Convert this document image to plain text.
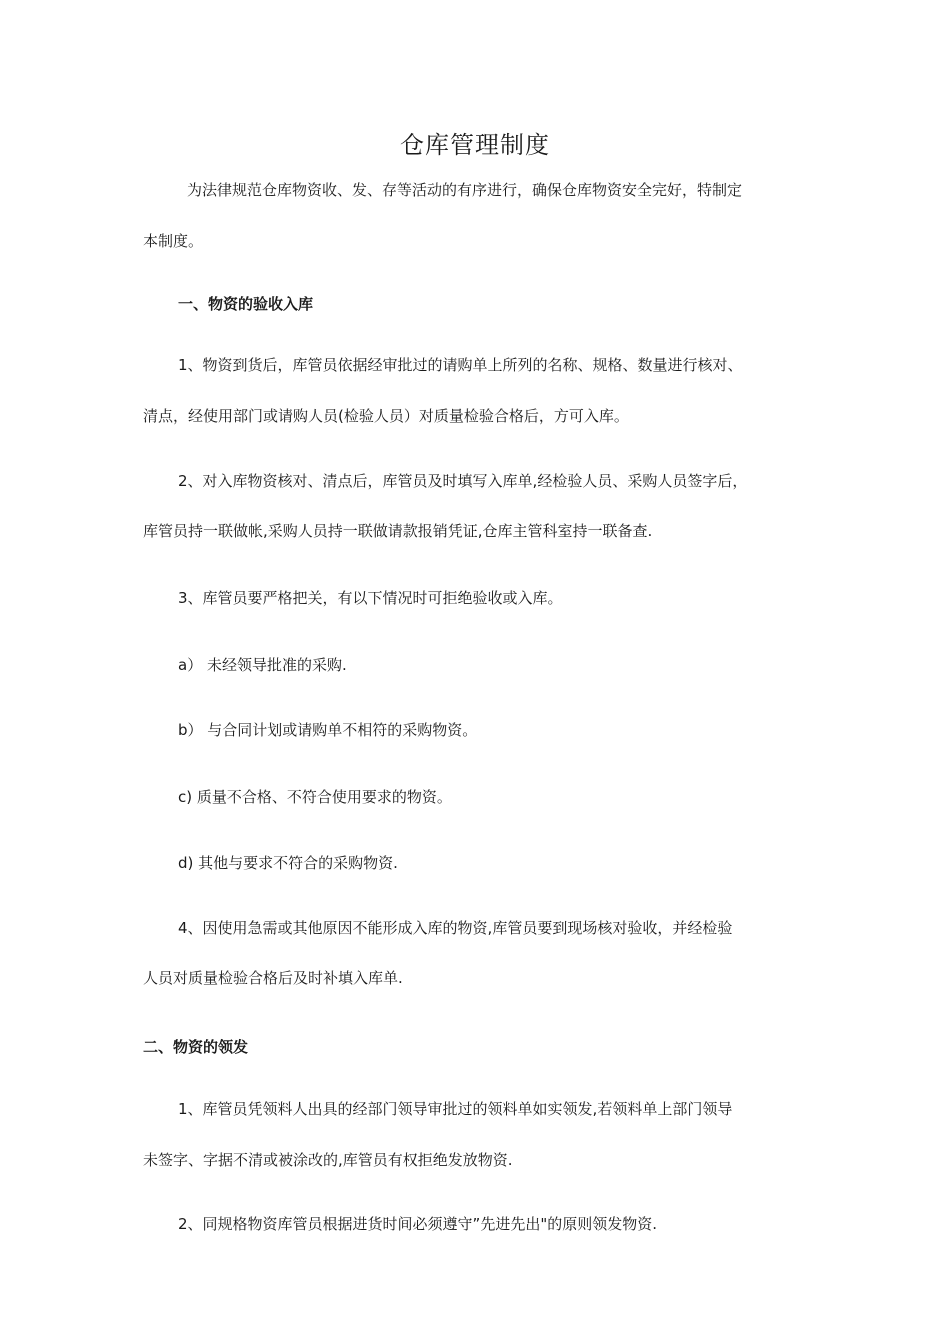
仓库管理制度
为法律规范仓库物资收、发、存等活动的有序进行，确保仓库物资安全完好，特制定
本制度。
一、物资的验收入库
1、物资到货后，库管员依据经审批过的请购单上所列的名称、规格、数量进行核对、
清点，经使用部门或请购人员(检验人员）对质量检验合格后，方可入库。
2、对入库物资核对、清点后，库管员及时填写入库单,经检验人员、采购人员签字后，
库管员持一联做帐,采购人员持一联做请款报销凭证,仓库主管科室持一联备查.
3、库管员要严格把关，有以下情况时可拒绝验收或入库。
a） 未经领导批准的采购.
b） 与合同计划或请购单不相符的采购物资。
c) 质量不合格、不符合使用要求的物资。
d) 其他与要求不符合的采购物资.
4、因使用急需或其他原因不能形成入库的物资,库管员要到现场核对验收，并经检验
人员对质量检验合格后及时补填入库单.
二、物资的领发
1、库管员凭领料人出具的经部门领导审批过的领料单如实领发,若领料单上部门领导
未签字、字据不清或被涂改的,库管员有权拒绝发放物资.
2、同规格物资库管员根据进货时间必须遵守”先进先出"的原则领发物资.
